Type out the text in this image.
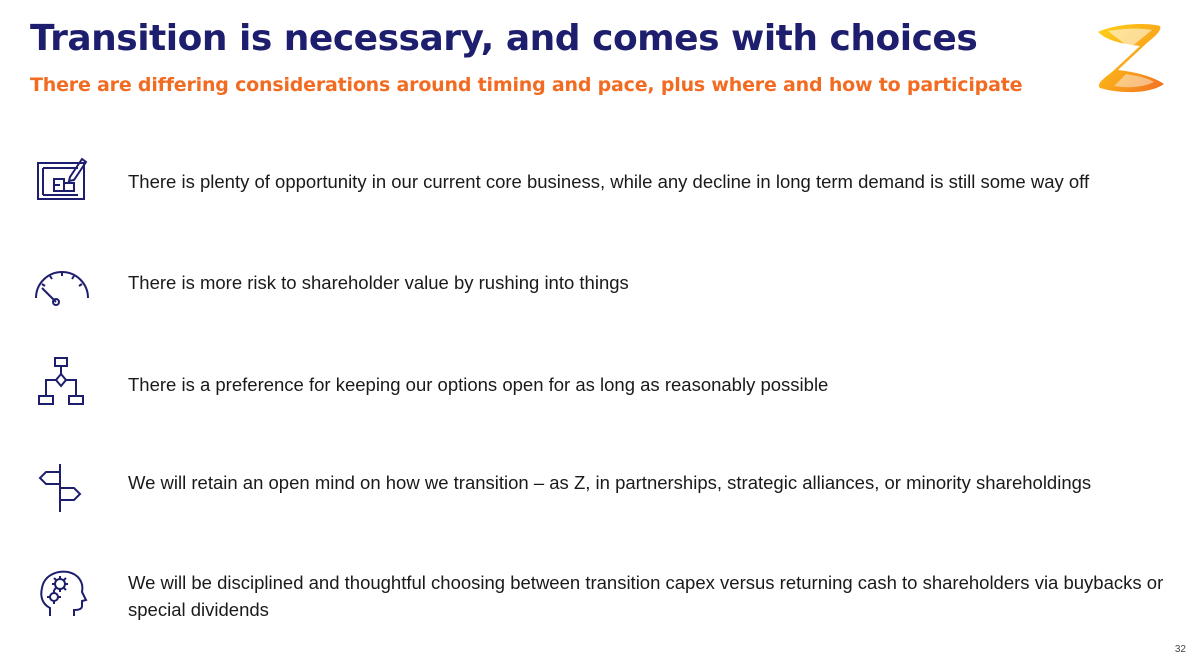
Transition is necessary, and comes with choices
There are differing considerations around timing and pace, plus where and how to participate
There is plenty of opportunity in our current core business, while any decline in long term demand is still some way off
There is more risk to shareholder value by rushing into things
There is a preference for keeping our options open for as long as reasonably possible
We will retain an open mind on how we transition – as Z, in partnerships, strategic alliances, or minority shareholdings
We will be disciplined and thoughtful choosing between transition capex versus returning cash to shareholders via buybacks or special dividends
32
